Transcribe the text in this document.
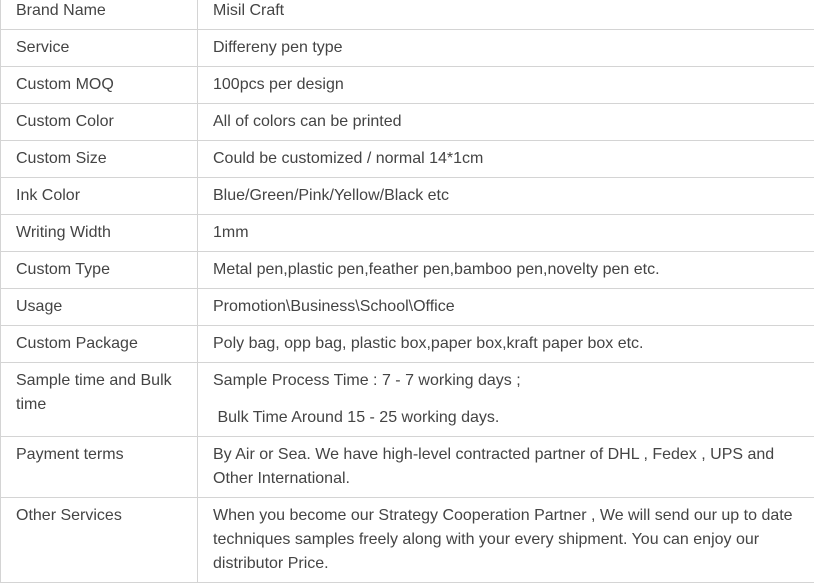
Brand Name	Misil Craft

Service	Differeny pen type

Custom MOQ	100pcs per design

Custom Color	All of colors can be printed

Custom Size	Could be customized / normal 14*1cm

Ink Color	Blue/Green/Pink/Yellow/Black etc

Writing Width	1mm

Custom Type	Metal pen,plastic pen,feather pen,bamboo pen,novelty pen etc.

Usage	Promotion\Business\School\Office

Custom Package	Poly bag, opp bag, plastic box,paper box,kraft paper box etc.

Sample time and Bulk time	Sample Process Time : 7 - 7 working days ;
Bulk Time Around 15 - 25 working days.

Payment terms	By Air or Sea. We have high-level contracted partner of DHL , Fedex , UPS and Other International.

Other Services	When you become our Strategy Cooperation Partner , We will send our up to date techniques samples freely along with your every shipment. You can enjoy our distributor Price.
